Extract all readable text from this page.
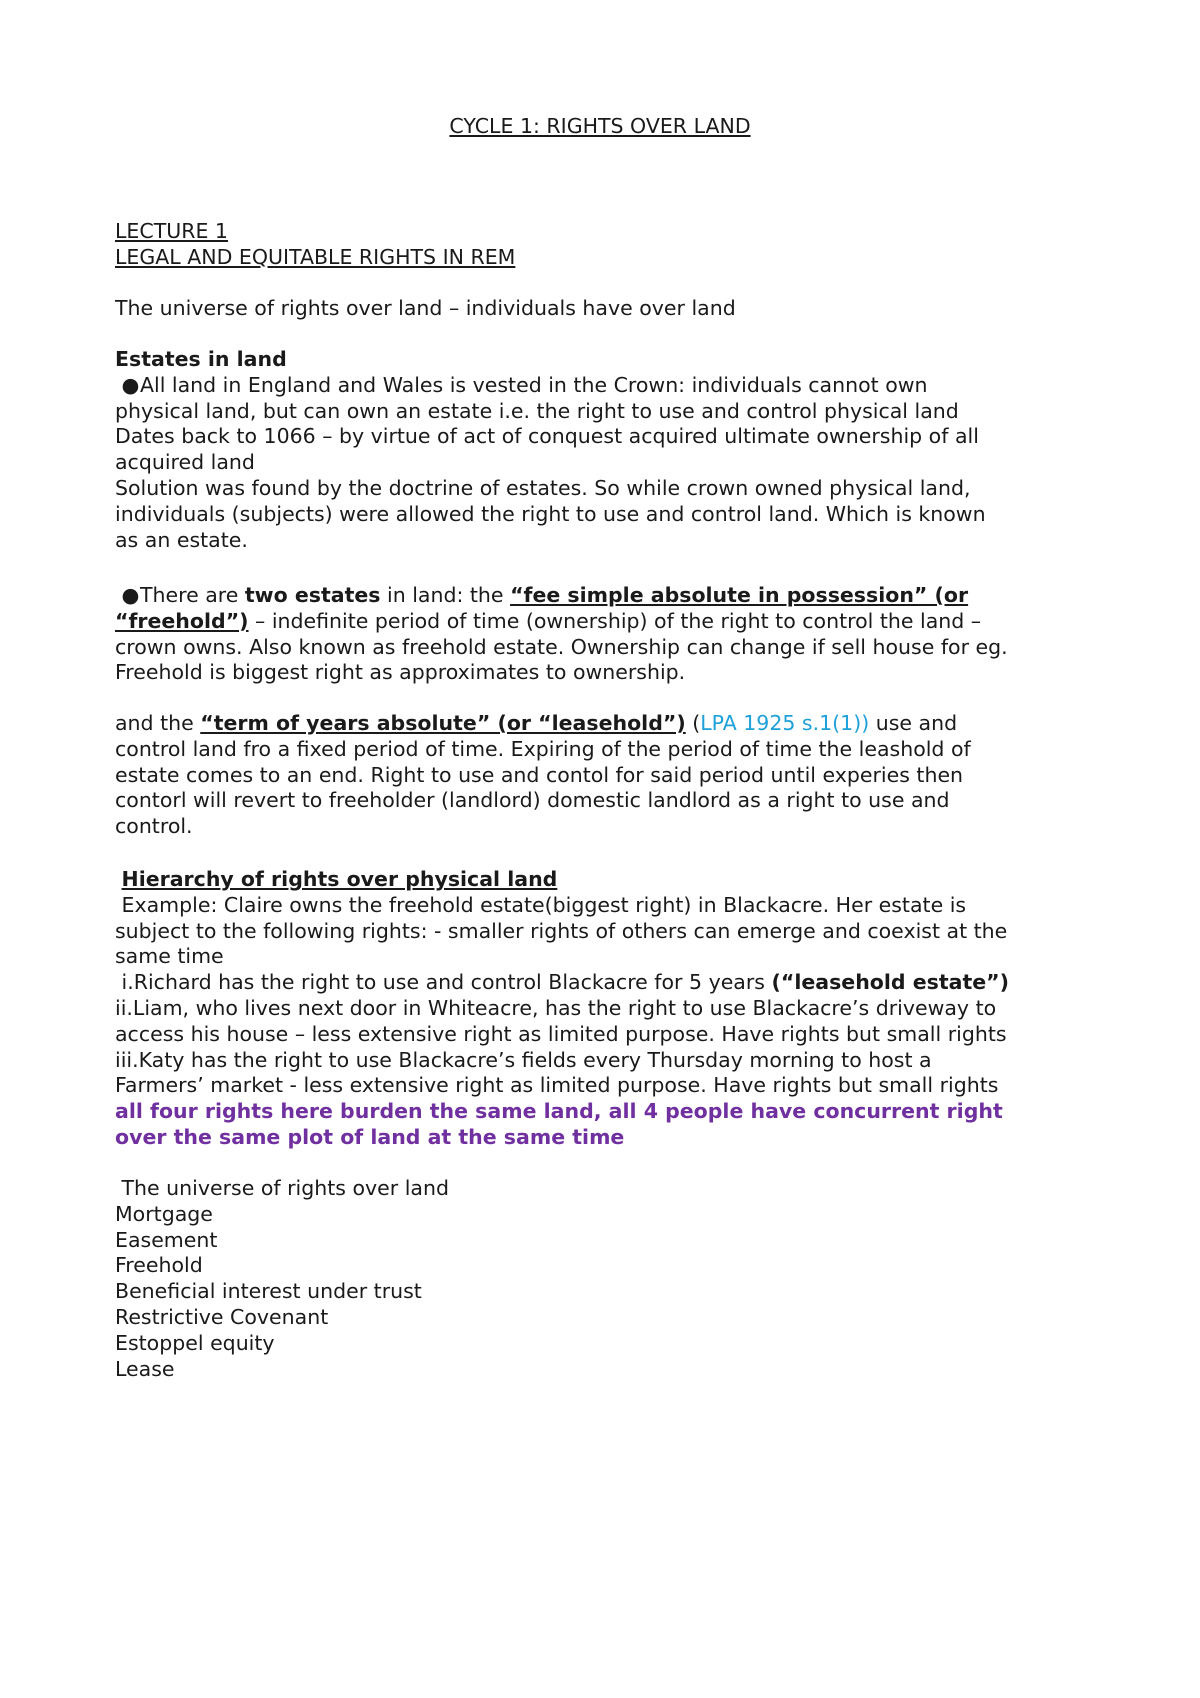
CYCLE 1: RIGHTS OVER LAND
LECTURE 1
LEGAL AND EQUITABLE RIGHTS IN REM
The universe of rights over land – individuals have over land
Estates in land
●All land in England and Wales is vested in the Crown: individuals cannot own
physical land, but can own an estate i.e. the right to use and control physical land
Dates back to 1066 – by virtue of act of conquest acquired ultimate ownership of all
acquired land
Solution was found by the doctrine of estates. So while crown owned physical land,
individuals (subjects) were allowed the right to use and control land. Which is known
as an estate.
●There are two estates in land: the “fee simple absolute in possession” (or
“freehold”) – indefinite period of time (ownership) of the right to control the land –
crown owns. Also known as freehold estate. Ownership can change if sell house for eg.
Freehold is biggest right as approximates to ownership.
and the “term of years absolute” (or “leasehold”) (LPA 1925 s.1(1)) use and
control land fro a fixed period of time. Expiring of the period of time the leashold of
estate comes to an end. Right to use and contol for said period until experies then
contorl will revert to freeholder (landlord) domestic landlord as a right to use and
control.
Hierarchy of rights over physical land
Example: Claire owns the freehold estate(biggest right) in Blackacre. Her estate is
subject to the following rights: - smaller rights of others can emerge and coexist at the
same time
i.Richard has the right to use and control Blackacre for 5 years (“leasehold estate”)
ii.Liam, who lives next door in Whiteacre, has the right to use Blackacre’s driveway to
access his house – less extensive right as limited purpose. Have rights but small rights
iii.Katy has the right to use Blackacre’s fields every Thursday morning to host a
Farmers’ market - less extensive right as limited purpose. Have rights but small rights
all four rights here burden the same land, all 4 people have concurrent right
over the same plot of land at the same time
The universe of rights over land
Mortgage
Easement
Freehold
Beneficial interest under trust
Restrictive Covenant
Estoppel equity
Lease
